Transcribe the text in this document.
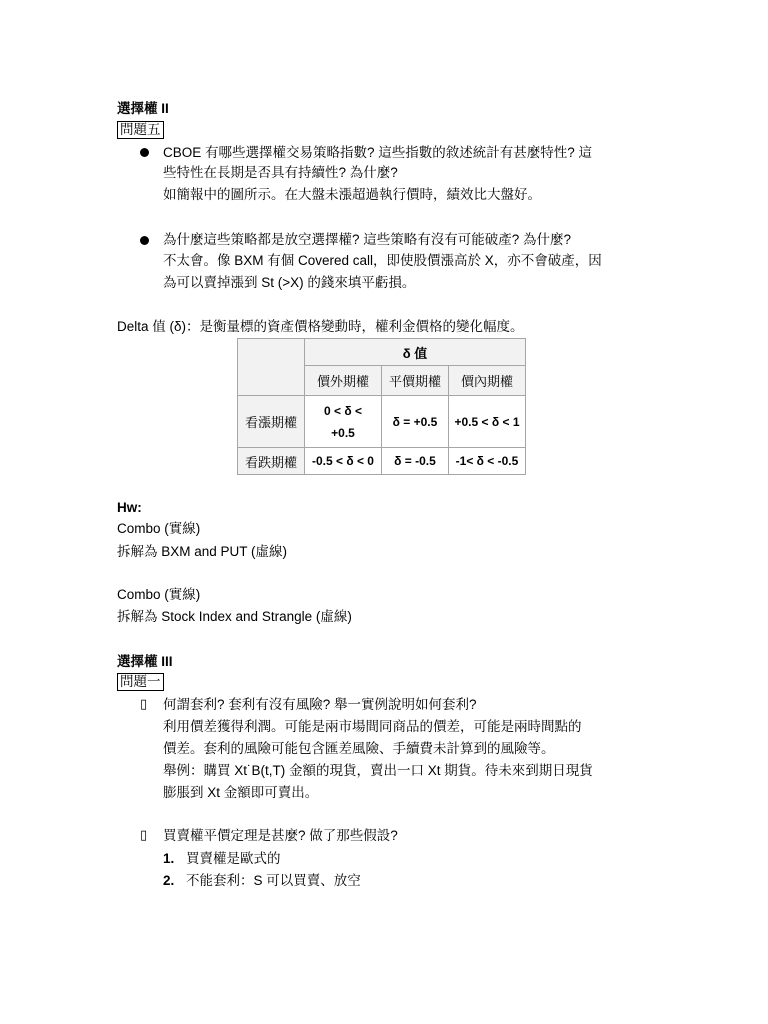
選擇權 II
問題五
CBOE 有哪些選擇權交易策略指數? 這些指數的敘述統計有甚麼特性? 這
些特性在長期是否具有持續性? 為什麼?
如簡報中的圖所示。在大盤未漲超過執行價時，績效比大盤好。
為什麼這些策略都是放空選擇權? 這些策略有沒有可能破產? 為什麼?
不太會。像 BXM 有個 Covered call，即使股價漲高於 X，亦不會破產，因
為可以賣掉漲到 St (>X) 的錢來填平虧損。
Delta 值 (δ)：是衡量標的資產價格變動時，權利金價格的變化幅度。
	δ 值		
	價外期權	平價期權	價內期權
看漲期權	0 < δ <
+0.5	δ = +0.5	+0.5 < δ < 1
看跌期權	-0.5 < δ < 0	δ = -0.5	-1< δ < -0.5
Hw:
Combo (實線)
拆解為 BXM and PUT (虛線)
Combo (實線)
拆解為 Stock Index and Strangle (虛線)
選擇權 III
問題一
▯ 何謂套利? 套利有沒有風險? 舉一實例說明如何套利?
利用價差獲得利潤。可能是兩市場間同商品的價差，可能是兩時間點的
價差。套利的風險可能包含匯差風險、手續費未計算到的風險等。
舉例：購買 Xt˙B(t,T) 金額的現貨，賣出一口 Xt 期貨。待未來到期日現貨
膨脹到 Xt 金額即可賣出。
▯ 買賣權平價定理是甚麼? 做了那些假設?
1. 買賣權是歐式的
2. 不能套利：S 可以買賣、放空
